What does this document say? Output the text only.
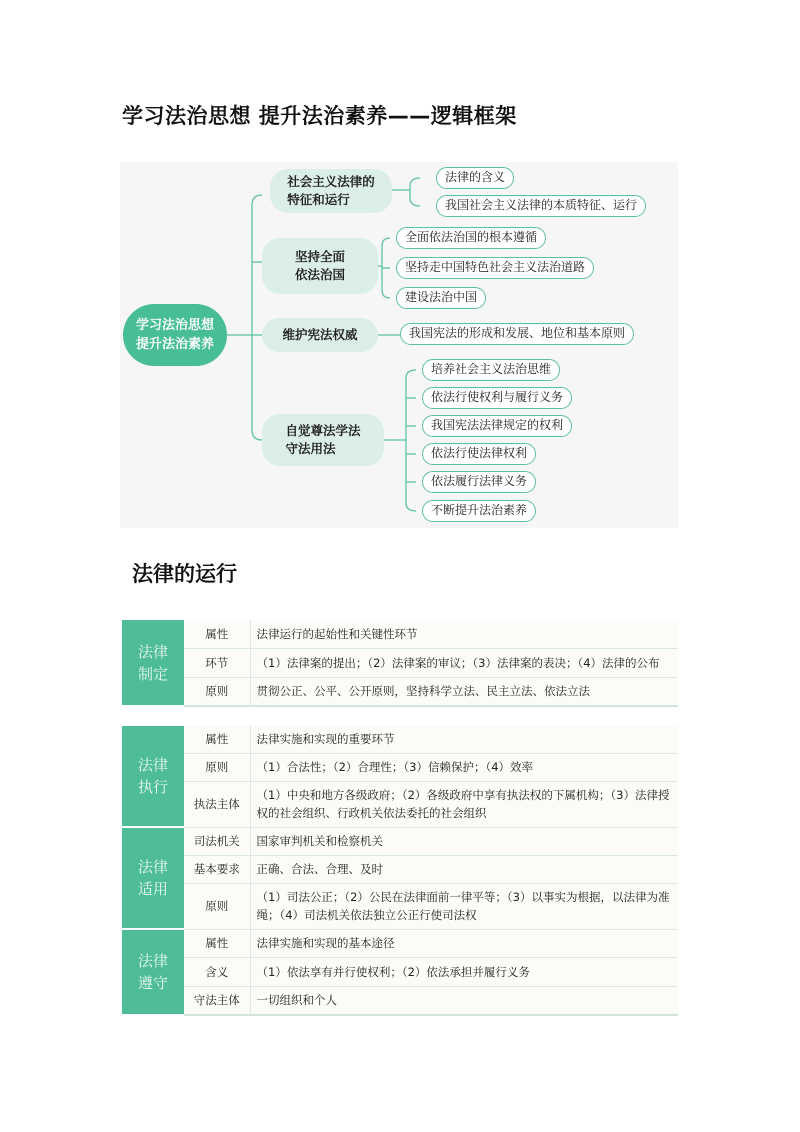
学习法治思想 提升法治素养——逻辑框架
学习法治思想
提升法治素养
社会主义法律的
特征和运行
坚持全面
依法治国
维护宪法权威
自觉尊法学法
守法用法
法律的含义
我国社会主义法律的本质特征、运行
全面依法治国的根本遵循
坚持走中国特色社会主义法治道路
建设法治中国
我国宪法的形成和发展、地位和基本原则
培养社会主义法治思维
依法行使权利与履行义务
我国宪法法律规定的权利
依法行使法律权利
依法履行法律义务
不断提升法治素养
法律的运行
法律制定	属性	法律运行的起始性和关键性环节
	环节	（1）法律案的提出；（2）法律案的审议；（3）法律案的表决；（4）法律的公布
	原则	贯彻公正、公平、公开原则，坚持科学立法、民主立法、依法立法
法律执行	属性	法律实施和实现的重要环节
	原则	（1）合法性；（2）合理性；（3）信赖保护；（4）效率
	执法主体	（1）中央和地方各级政府；（2）各级政府中享有执法权的下属机构；（3）法律授权的社会组织、行政机关依法委托的社会组织
法律适用	司法机关	国家审判机关和检察机关
	基本要求	正确、合法、合理、及时
	原则	（1）司法公正；（2）公民在法律面前一律平等；（3）以事实为根据，以法律为准绳；（4）司法机关依法独立公正行使司法权
法律遵守	属性	法律实施和实现的基本途径
	含义	（1）依法享有并行使权利；（2）依法承担并履行义务
	守法主体	一切组织和个人
